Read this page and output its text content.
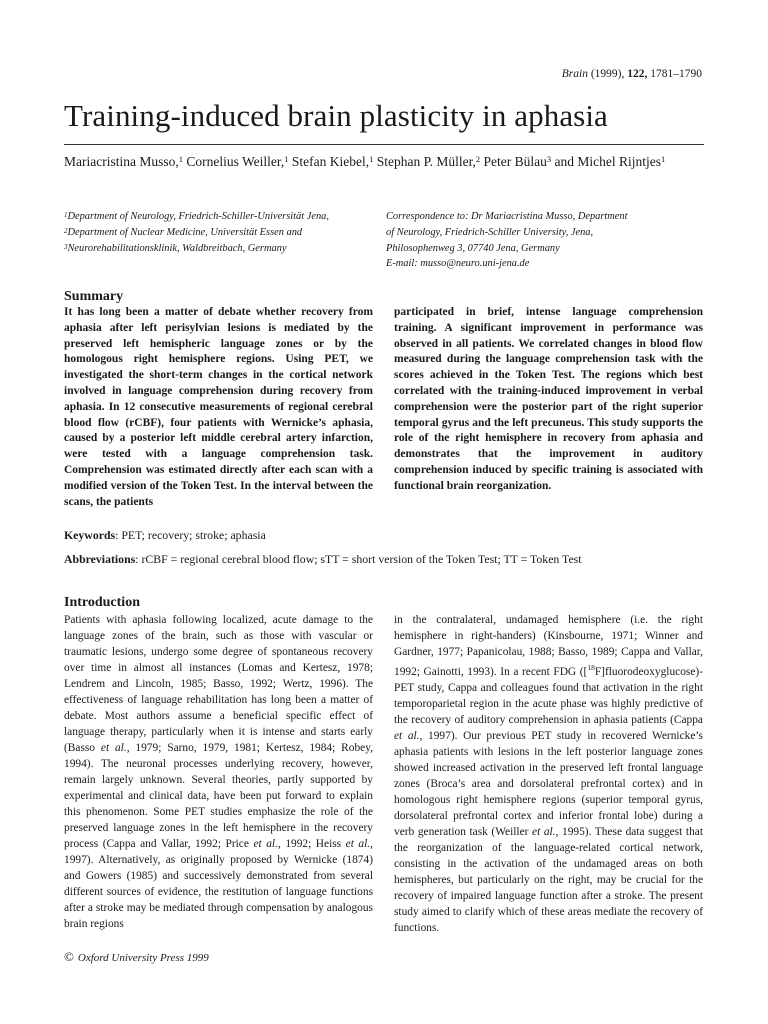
Brain (1999), 122, 1781–1790
Training-induced brain plasticity in aphasia
Mariacristina Musso,$^1$ Cornelius Weiller,$^1$ Stefan Kiebel,$^1$ Stephan P. Müller,$^2$ Peter Bülau$^3$ and Michel Rijntjes$^1$
$^1$Department of Neurology, Friedrich-Schiller-Universität Jena, $^2$Department of Nuclear Medicine, Universität Essen and $^3$Neurorehabilitationsklinik, Waldbreitbach, Germany
Correspondence to: Dr Mariacristina Musso, Department
of Neurology, Friedrich-Schiller University, Jena,
Philosophenweg 3, 07740 Jena, Germany
E-mail: musso@neuro.uni-jena.de
Summary
It has long been a matter of debate whether recovery from aphasia after left perisylvian lesions is mediated by the preserved left hemispheric language zones or by the homologous right hemisphere regions. Using PET, we investigated the short-term changes in the cortical network involved in language comprehension during recovery from aphasia. In 12 consecutive measurements of regional cerebral blood flow (rCBF), four patients with Wernicke’s aphasia, caused by a posterior left middle cerebral artery infarction, were tested with a language comprehension task. Comprehension was estimated directly after each scan with a modified version of the Token Test. In the interval between the scans, the patients
participated in brief, intense language comprehension training. A significant improvement in performance was observed in all patients. We correlated changes in blood flow measured during the language comprehension task with the scores achieved in the Token Test. The regions which best correlated with the training-induced improvement in verbal comprehension were the posterior part of the right superior temporal gyrus and the left precuneus. This study supports the role of the right hemisphere in recovery from aphasia and demonstrates that the improvement in auditory comprehension induced by specific training is associated with functional brain reorganization.
Keywords: PET; recovery; stroke; aphasia
Abbreviations: rCBF = regional cerebral blood flow; sTT = short version of the Token Test; TT = Token Test
Introduction
Patients with aphasia following localized, acute damage to the language zones of the brain, such as those with vascular or traumatic lesions, undergo some degree of spontaneous recovery over time in almost all instances (Lomas and Kertesz, 1978; Lendrem and Lincoln, 1985; Basso, 1992; Wertz, 1996). The effectiveness of language rehabilitation has long been a matter of debate. Most authors assume a beneficial specific effect of language therapy, particularly when it is intense and starts early (Basso et al., 1979; Sarno, 1979, 1981; Kertesz, 1984; Robey, 1994). The neuronal processes underlying recovery, however, remain largely unknown. Several theories, partly supported by experimental and clinical data, have been put forward to explain this phenomenon. Some PET studies emphasize the role of the preserved language zones in the left hemisphere in the recovery process (Cappa and Vallar, 1992; Price et al., 1992; Heiss et al., 1997). Alternatively, as originally proposed by Wernicke (1874) and Gowers (1985) and successively demonstrated from several different sources of evidence, the restitution of language functions after a stroke may be mediated through compensation by analogous brain regions
in the contralateral, undamaged hemisphere (i.e. the right hemisphere in right-handers) (Kinsbourne, 1971; Winner and Gardner, 1977; Papanicolau, 1988; Basso, 1989; Cappa and Vallar, 1992; Gainotti, 1993). In a recent FDG ([$^{18}$F]fluorodeoxyglucose)-PET study, Cappa and colleagues found that activation in the right temporoparietal region in the acute phase was highly predictive of the recovery of auditory comprehension in aphasia patients (Cappa et al., 1997). Our previous PET study in recovered Wernicke’s aphasia patients with lesions in the left posterior language zones showed increased activation in the preserved left frontal language zones (Broca’s area and dorsolateral prefrontal cortex) and in homologous right hemisphere regions (superior temporal gyrus, dorsolateral prefrontal cortex and inferior frontal lobe) during a verb generation task (Weiller et al., 1995). These data suggest that the reorganization of the language-related cortical network, consisting in the activation of the undamaged areas on both hemispheres, but particularly on the right, may be crucial for the recovery of impaired language function after a stroke. The present study aimed to clarify which of these areas mediate the recovery of functions.
© Oxford University Press 1999
